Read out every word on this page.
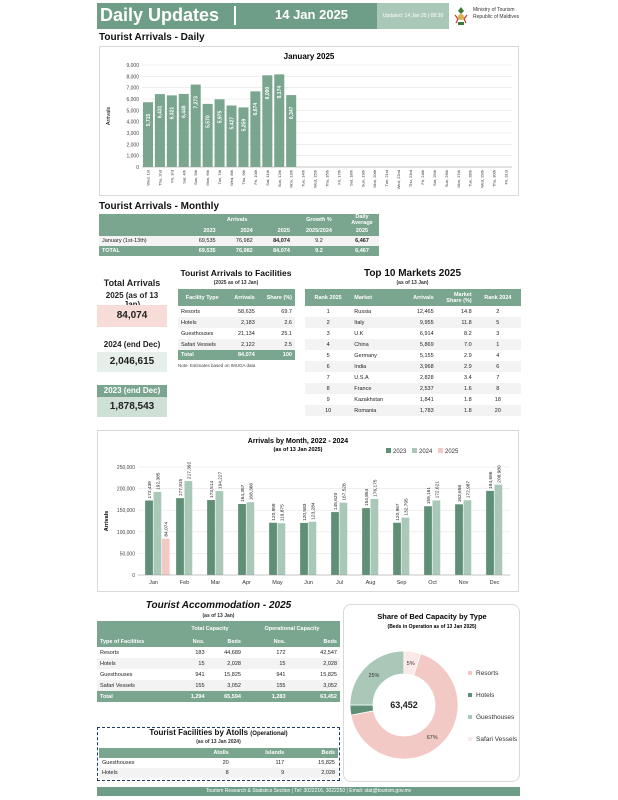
Daily Updates	14 Jan 2025	Updated: 14 Jan 25 | 08:38
Ministry of Tourism
Republic of Maldives
Tourist Arrivals - Daily
January 2025
0
1,000
2,000
3,000
4,000
5,000
6,000
7,000
8,000
9,000
Arrivals	5,715
Wed, 1st
6,431
Thu, 2nd
6,321
Fri, 3rd
6,448
Sat, 4th
7,273
Sun, 5th
5,570
Mon, 6th
5,975
Tue, 7th
5,427
Wed, 8th
5,259
Thu, 9th
6,674
Fri, 10th
8,090
Sat, 11th
8,174
Sun, 12th
6,347
Mon, 13th Tue, 14th Wed, 15th Thu, 16th Fri, 17th Sat, 18th Sun, 19th Mon, 20th Tue, 21st Wed, 22nd Thu, 23rd Fri, 24th Sat, 25th Sun, 26th Mon, 27th Tue, 28th Wed, 29th Thu, 30th Fri, 31st
Tourist Arrivals - Monthly
	Arrivals			Growth %	Daily Average
	2023	2024	2025	2025/2024	2025
January (1st-13th)	69,535	76,982	84,074	9.2	6,467
TOTAL	69,535	76,982	84,074	9.2	6,467
Total Arrivals
2025 (as of 13
84,074
2024 (end Dec)
2,046,615
2023 (end Dec)
1,878,543
Tourist Arrivals to Facilities
(2025 as of 13 Jan)
Facility Type	Arrivals	Share (%)
Resorts	58,635	69.7
Hotels	2,183	2.6
Guesthouses	21,134	25.1
Safari Vessels	2,122	2.5
Total	84,074	100
Note: Estimates based on IMUGA data
Top 10 Markets 2025
(as of 13 Jan)
Rank 2025	Market	Arrivals	Market Share (%)	Rank 2024
1	Russia	12,465	14.8	2
2	Italy	9,955	11.8	5
3	U.K	6,914	8.2	3
4	China	5,869	7.0	1
5	Germany	5,155	2.9	4
6	India	3,968	2.9	6
7	U.S.A	2,828	3.4	7
8	France	2,537	1.6	8
9	Kazakhstan	1,841	1.8	18
10	Romania	1,783	1.8	20
Arrivals by Month, 2022 - 2024
(as of 13 Jan 2025)	2023 2024 2025
0
50,000
100,000
150,000
200,000
250,000
Arrivals
172,439 192,385
84,074
Jan
177,915
217,392
Feb
173,514
194,227
Mar
164,357 168,366
Apr
120,959 119,875
May
120,583 123,284
Jun
145,620
167,528
Jul
154,854
176,175
Aug
120,967 132,795
Sep
159,161 172,621
Oct
163,658 172,987
Nov
194,696 208,980
Dec
Tourist Accommodation - 2025
(as of 13 Jan)
	Total Capacity		Operational Capacity	
Type of Facilities	Nos.	Beds	Nos.	Beds
Resorts	183	44,689	172	42,547
Hotels	15	2,028	15	2,028
Guesthouses	941	15,825	941	15,825
Safari Vessels	155	3,052	155	3,052
Total	1,294	65,594	1,283	63,452
Tourist Facilities by Atolls (Operational)
(as of 13 Jan 2024)
	Atolls	Islands	Beds
Guesthouses	20	117	15,825
Hotels	8	9	2,028
Share of Bed Capacity by Type
(Beds in Operation as of 13 Jan 2025)
67%
25%
5%
63,452
Resorts
Hotels
Guesthouses
Safari Vessels
Tourism Research & Statistics Section | Tel: 3022216, 3022250 | Email: stat@tourism.gov.mv
